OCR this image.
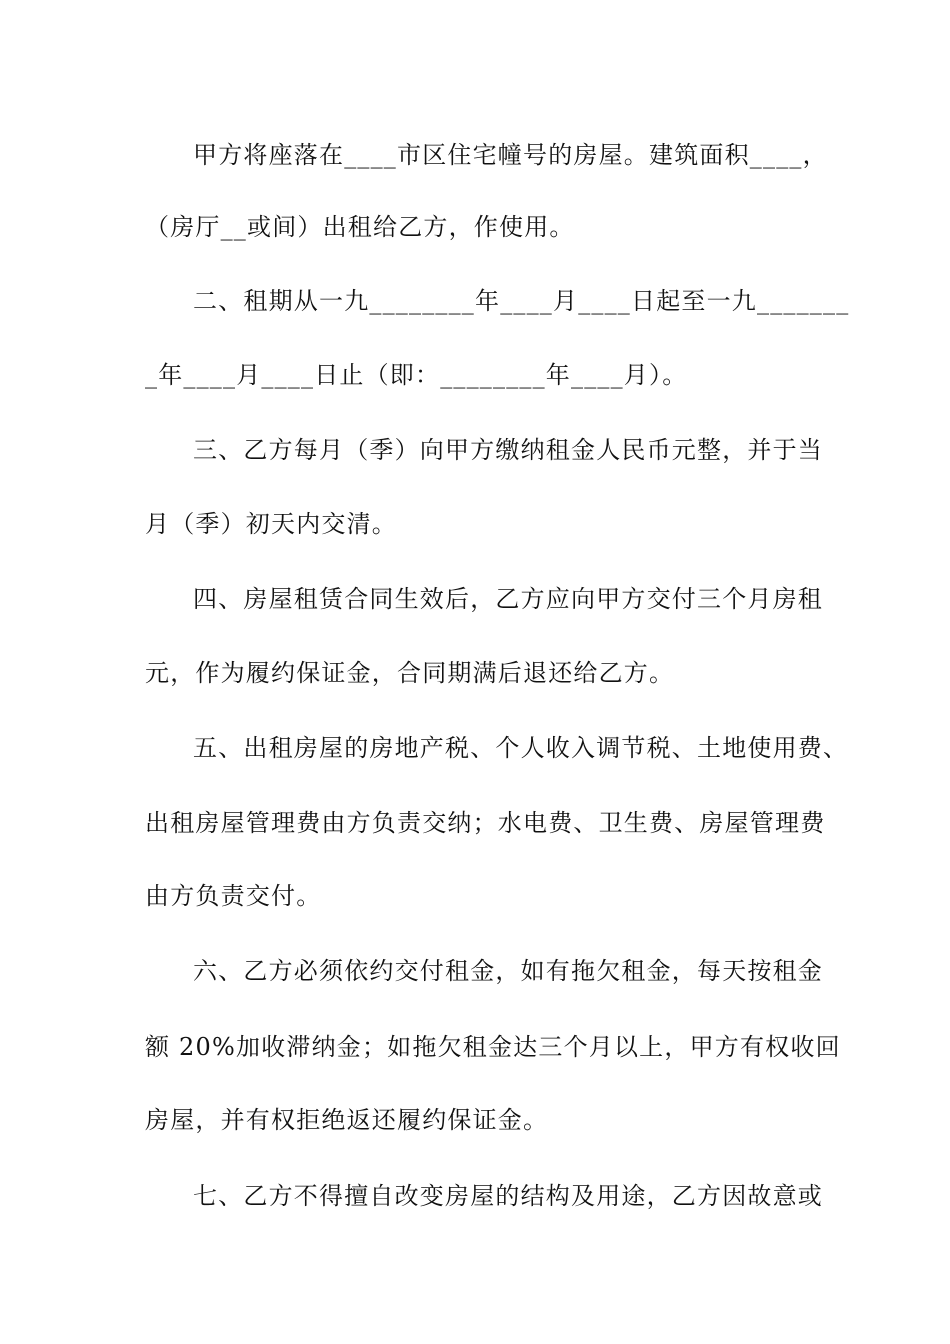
甲方将座落在____市区住宅幢号的房屋。建筑面积____，
（房厅__或间）出租给乙方，作使用。
二、租期从一九________年____月____日起至一九_______
_年____月____日止（即：________年____月）。
三、乙方每月（季）向甲方缴纳租金人民币元整，并于当
月（季）初天内交清。
四、房屋租赁合同生效后，乙方应向甲方交付三个月房租
元，作为履约保证金，合同期满后退还给乙方。
五、出租房屋的房地产税、个人收入调节税、土地使用费、
出租房屋管理费由方负责交纳；水电费、卫生费、房屋管理费
由方负责交付。
六、乙方必须依约交付租金，如有拖欠租金，每天按租金
额 20%加收滞纳金；如拖欠租金达三个月以上，甲方有权收回
房屋，并有权拒绝返还履约保证金。
七、乙方不得擅自改变房屋的结构及用途，乙方因故意或
